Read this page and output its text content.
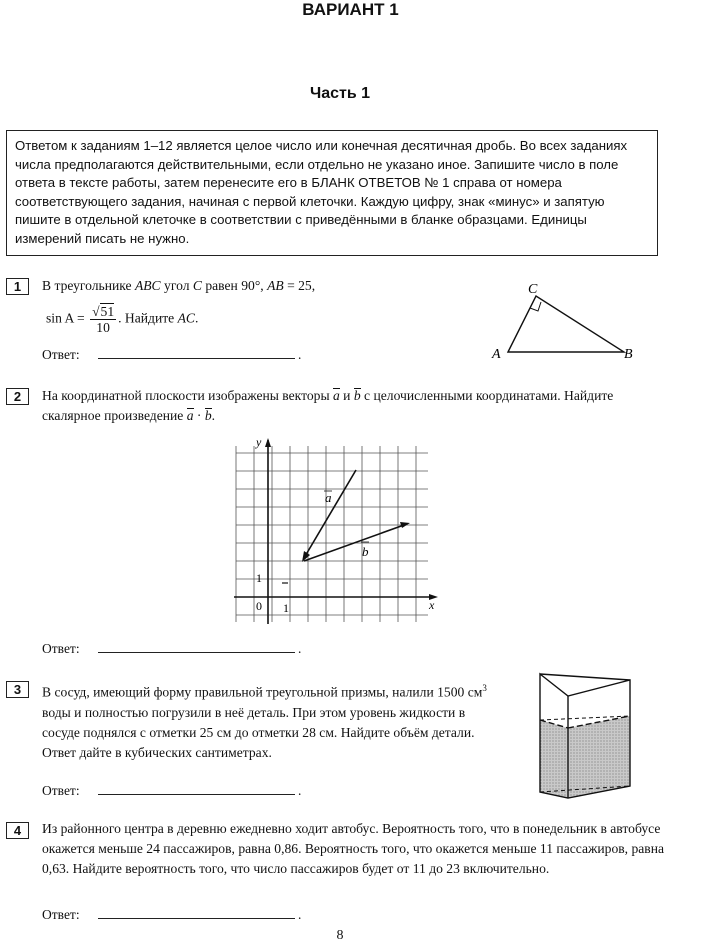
ВАРИАНТ 1
Часть 1
Ответом к заданиям 1–12 является целое число или конечная десятичная дробь. Во всех заданиях числа предполагаются действительными, если отдельно не указано иное. Запишите число в поле ответа в тексте работы, затем перенесите его в БЛАНК ОТВЕТОВ № 1 справа от номера соответствующего задания, начиная с первой клеточки. Каждую цифру, знак «минус» и запятую пишите в отдельной клеточке в соответствии с приведёнными в бланке образцами. Единицы измерений писать не нужно.
1	В треугольнике ABC угол C равен 90°, AB = 25,
$\sin A = \frac{√51}{10}$ . Найдите AC.
Ответ:	.	A	B
C
2	На координатной плоскости изображены векторы a и b с целочисленными координатами. Найдите скалярное произведение a · b.
y
x
0 1
1
a
b
Ответ:	.
3	В сосуд, имеющий форму правильной треугольной призмы, налили 1500 $см^3$ воды и полностью погрузили в неё деталь. При этом уровень жидкости в сосуде поднялся с отметки 25 см до отметки 28 см. Найдите объём детали. Ответ дайте в кубических сантиметрах.
Ответ:	.
4	Из районного центра в деревню ежедневно ходит автобус. Вероятность того, что в понедельник в автобусе окажется меньше 24 пассажиров, равна 0,86. Вероятность того, что окажется меньше 11 пассажиров, равна 0,63. Найдите вероятность того, что число пассажиров будет от 11 до 23 включительно.
Ответ:	.
8
